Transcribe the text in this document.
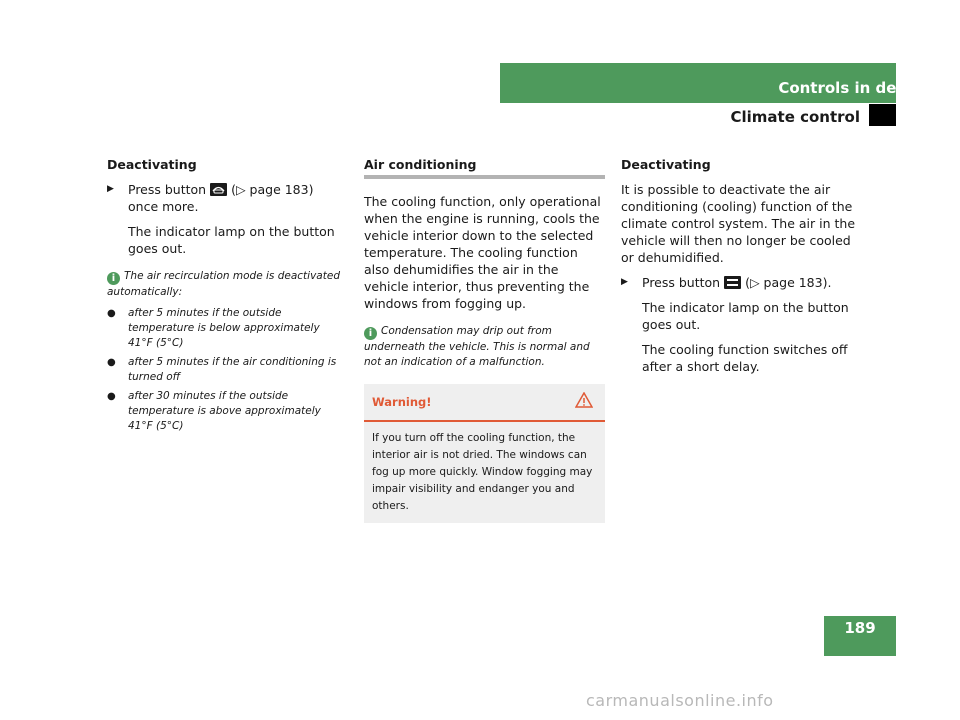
Controls in detail
Climate control
Deactivating
▶	Press button (▷ page 183) once more.
The indicator lamp on the button goes out.
i The air recirculation mode is deactivated automatically:
●	after 5 minutes if the outside temperature is below approximately 41°F (5°C)
●	after 5 minutes if the air conditioning is turned off
●	after 30 minutes if the outside temperature is above approximately 41°F (5°C)
Air conditioning

The cooling function, only operational when the engine is running, cools the vehicle interior down to the selected temperature. The cooling function also dehumidifies the air in the vehicle interior, thus preventing the windows from fogging up.

i Condensation may drip out from underneath the vehicle. This is normal and not an indication of a malfunction.
Warning!
If you turn off the cooling function, the interior air is not dried. The windows can fog up more quickly. Window fogging may impair visibility and endanger you and others.
Deactivating

It is possible to deactivate the air conditioning (cooling) function of the climate control system. The air in the vehicle will then no longer be cooled or dehumidified.

▶	Press button (▷ page 183).
The indicator lamp on the button goes out.
The cooling function switches off after a short delay.
189
carmanualsonline.info
